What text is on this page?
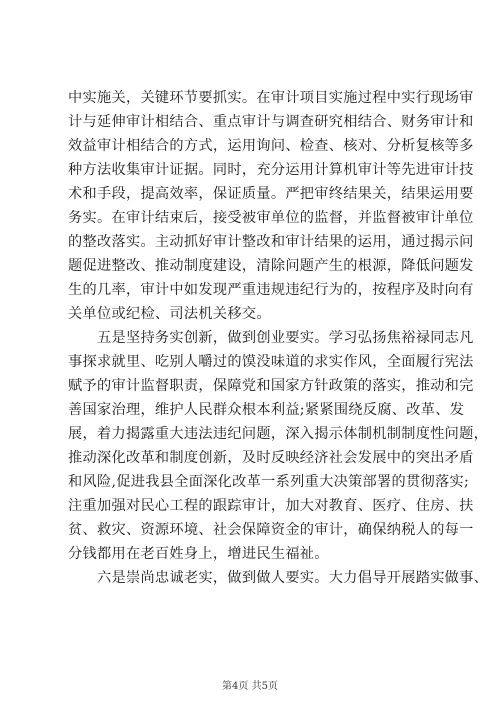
中实施关，关键环节要抓实。在审计项目实施过程中实行现场审
计与延伸审计相结合、重点审计与调查研究相结合、财务审计和
效益审计相结合的方式，运用询问、检查、核对、分析复核等多
种方法收集审计证据。同时，充分运用计算机审计等先进审计技
术和手段，提高效率，保证质量。严把审终结果关，结果运用要
务实。在审计结束后，接受被审单位的监督，并监督被审计单位
的整改落实。主动抓好审计整改和审计结果的运用，通过揭示问
题促进整改、推动制度建设，清除问题产生的根源，降低问题发
生的几率，审计中如发现严重违规违纪行为的，按程序及时向有
关单位或纪检、司法机关移交。
　　五是坚持务实创新，做到创业要实。学习弘扬焦裕禄同志凡
事探求就里、吃别人嚼过的馍没味道的求实作风，全面履行宪法
赋予的审计监督职责，保障党和国家方针政策的落实，推动和完
善国家治理，维护人民群众根本利益;紧紧围绕反腐、改革、发
展，着力揭露重大违法违纪问题，深入揭示体制机制制度性问题，
推动深化改革和制度创新，及时反映经济社会发展中的突出矛盾
和风险,促进我县全面深化改革一系列重大决策部署的贯彻落实;
注重加强对民心工程的跟踪审计，加大对教育、医疗、住房、扶
贫、救灾、资源环境、社会保障资金的审计，确保纳税人的每一
分钱都用在老百姓身上，增进民生福祉。
　　六是崇尚忠诚老实，做到做人要实。大力倡导开展踏实做事、
第4页 共5页
